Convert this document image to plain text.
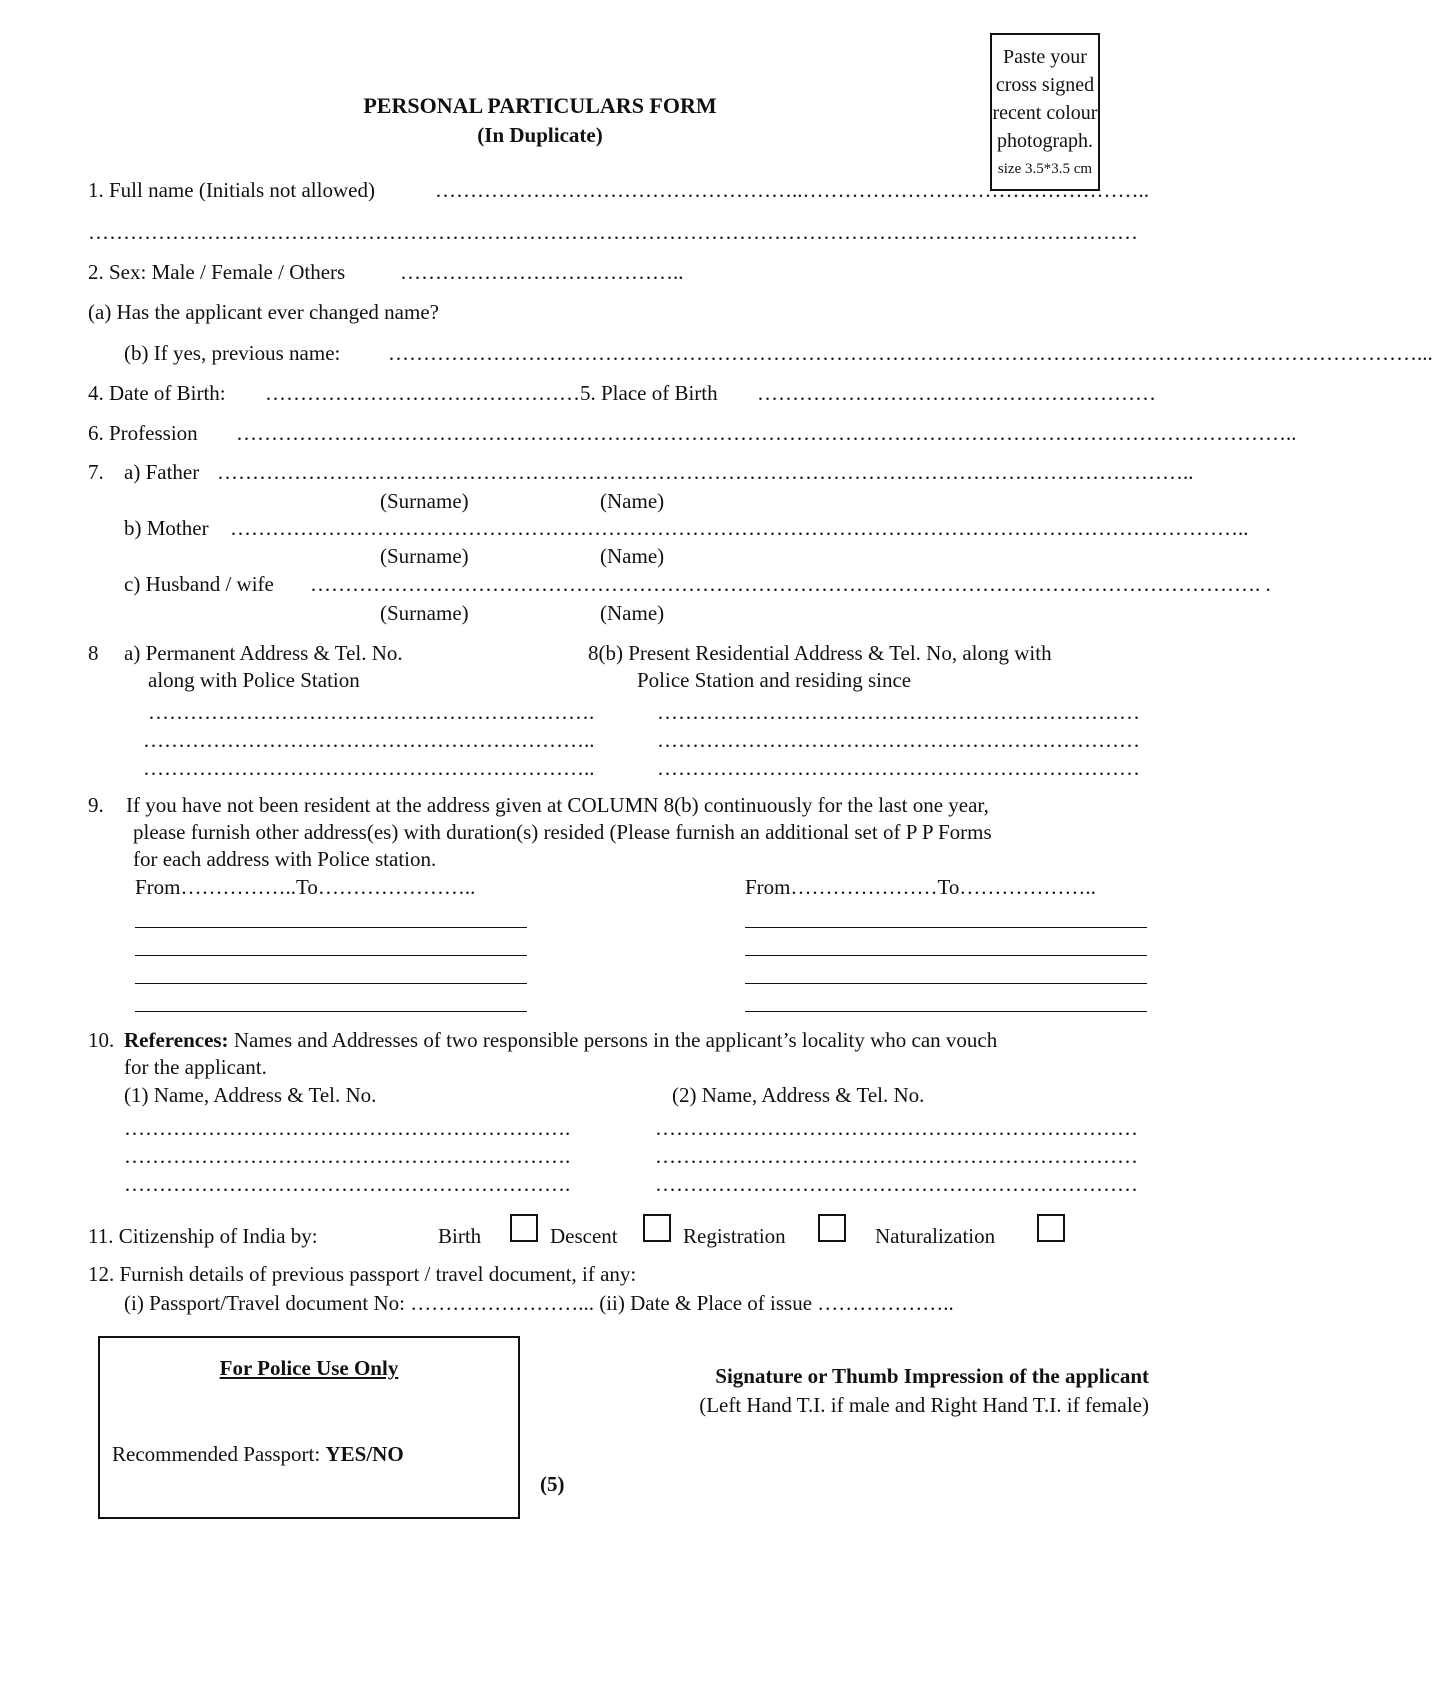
Paste your
cross signed
recent colour
photograph.
size 3.5*3.5 cm
PERSONAL PARTICULARS FORM
(In Duplicate)
1. Full name (Initials not allowed)	……………………………………………..…………………………………………..
……………………………………………………………………………………………………………………………………
2. Sex: Male / Female / Others	…………………………………..
(a) Has the applicant ever changed name?
(b) If yes, previous name: …………………………………………………………………………………………………………………………………...
4. Date of Birth: ……………………………………… 5. Place of Birth …………………………………………………
6. Profession ……………………………………………………………………………………………………………………………………..
7. a) Father …………………………………………………………………………………………………………………………..
(Surname)	(Name)
b) Mother ………………………………………………………………………………………………………………………………..
(Surname)	(Name)
c) Husband / wife ………………………………………………………………………………………………………………………. .
(Surname)	(Name)
8 a) Permanent Address & Tel. No.
along with Police Station
8(b) Present Residential Address & Tel. No, along with
Police Station and residing since
……………………………………………………….
………………………………………………………..
………………………………………………………..
……………………………………………………………
……………………………………………………………
……………………………………………………………
9. If you have not been resident at the address given at COLUMN 8(b) continuously for the last one year,
please furnish other address(es) with duration(s) resided (Please furnish an additional set of P P Forms
for each address with Police station.
From……………..To…………………..	From…………………To………………..
10. References: Names and Addresses of two responsible persons in the applicant’s locality who can vouch
for the applicant.
(1) Name, Address & Tel. No.	(2) Name, Address & Tel. No.
……………………………………………………….
……………………………………………………….
……………………………………………………….
……………………………………………………………
……………………………………………………………
……………………………………………………………
11. Citizenship of India by:	Birth	Descent	Registration	Naturalization
12. Furnish details of previous passport / travel document, if any:
(i) Passport/Travel document No: ……………………... (ii) Date & Place of issue ………………..
For Police Use Only
Recommended Passport: YES/NO
Signature or Thumb Impression of the applicant
(Left Hand T.I. if male and Right Hand T.I. if female)
(5)
